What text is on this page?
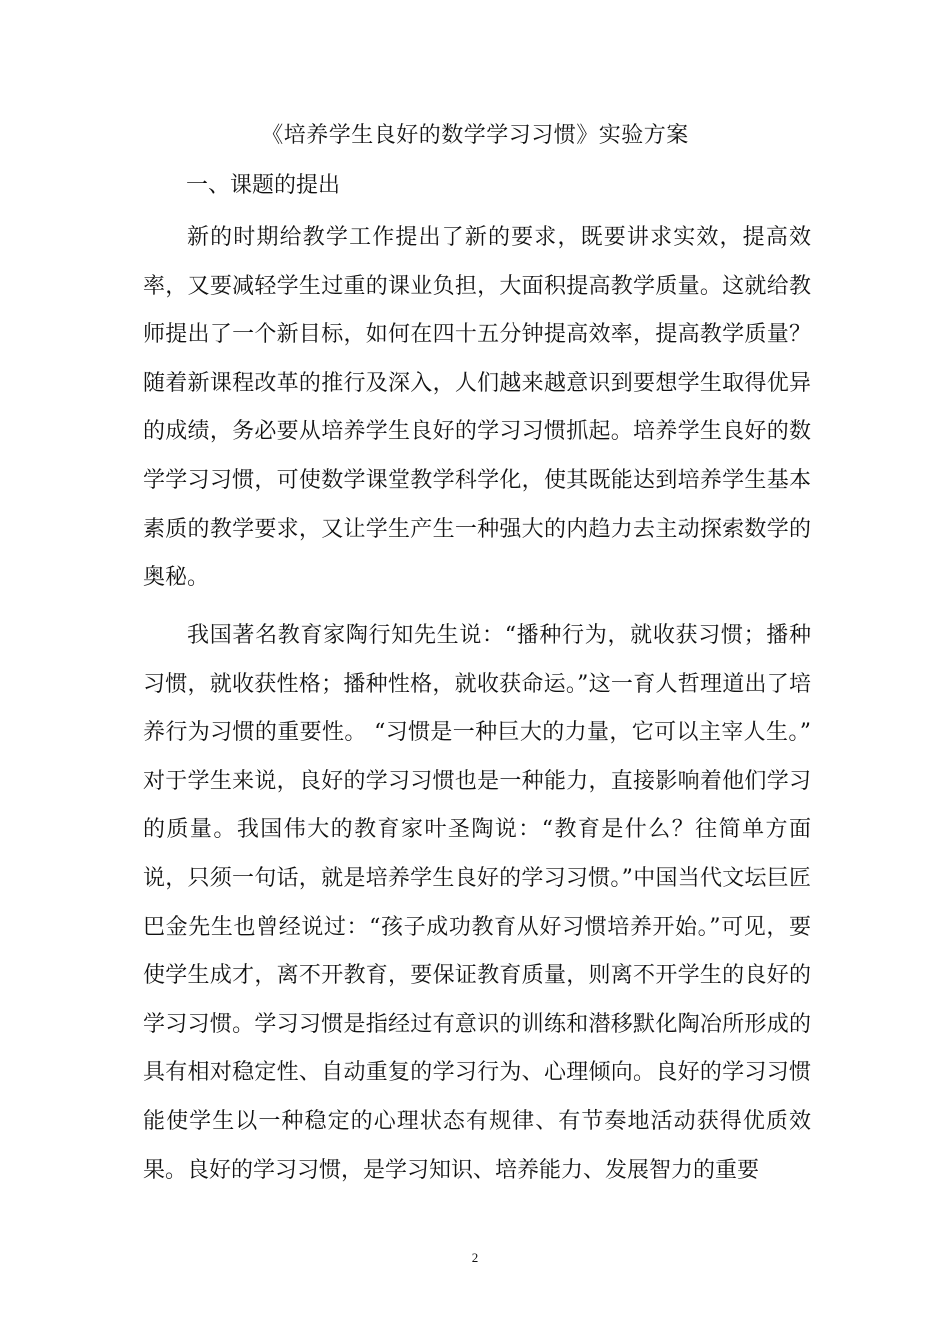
《培养学生良好的数学学习习惯》实验方案
一、课题的提出

新的时期给教学工作提出了新的要求，既要讲求实效，提高效率，又要减轻学生过重的课业负担，大面积提高教学质量。这就给教师提出了一个新目标，如何在四十五分钟提高效率，提高教学质量？随着新课程改革的推行及深入，人们越来越意识到要想学生取得优异的成绩，务必要从培养学生良好的学习习惯抓起。培养学生良好的数学学习习惯，可使数学课堂教学科学化，使其既能达到培养学生基本素质的教学要求，又让学生产生一种强大的内趋力去主动探索数学的奥秘。

我国著名教育家陶行知先生说：“播种行为，就收获习惯；播种习惯，就收获性格；播种性格，就收获命运。”这一育人哲理道出了培养行为习惯的重要性。 “习惯是一种巨大的力量，它可以主宰人生。” 对于学生来说，良好的学习习惯也是一种能力，直接影响着他们学习的质量。我国伟大的教育家叶圣陶说：“教育是什么？往简单方面说，只须一句话，就是培养学生良好的学习习惯。”中国当代文坛巨匠巴金先生也曾经说过：“孩子成功教育从好习惯培养开始。”可见，要使学生成才，离不开教育，要保证教育质量，则离不开学生的良好的学习习惯。学习习惯是指经过有意识的训练和潜移默化陶冶所形成的具有相对稳定性、自动重复的学习行为、心理倾向。良好的学习习惯能使学生以一种稳定的心理状态有规律、有节奏地活动获得优质效果。良好的学习习惯，是学习知识、培养能力、发展智力的重要

2
